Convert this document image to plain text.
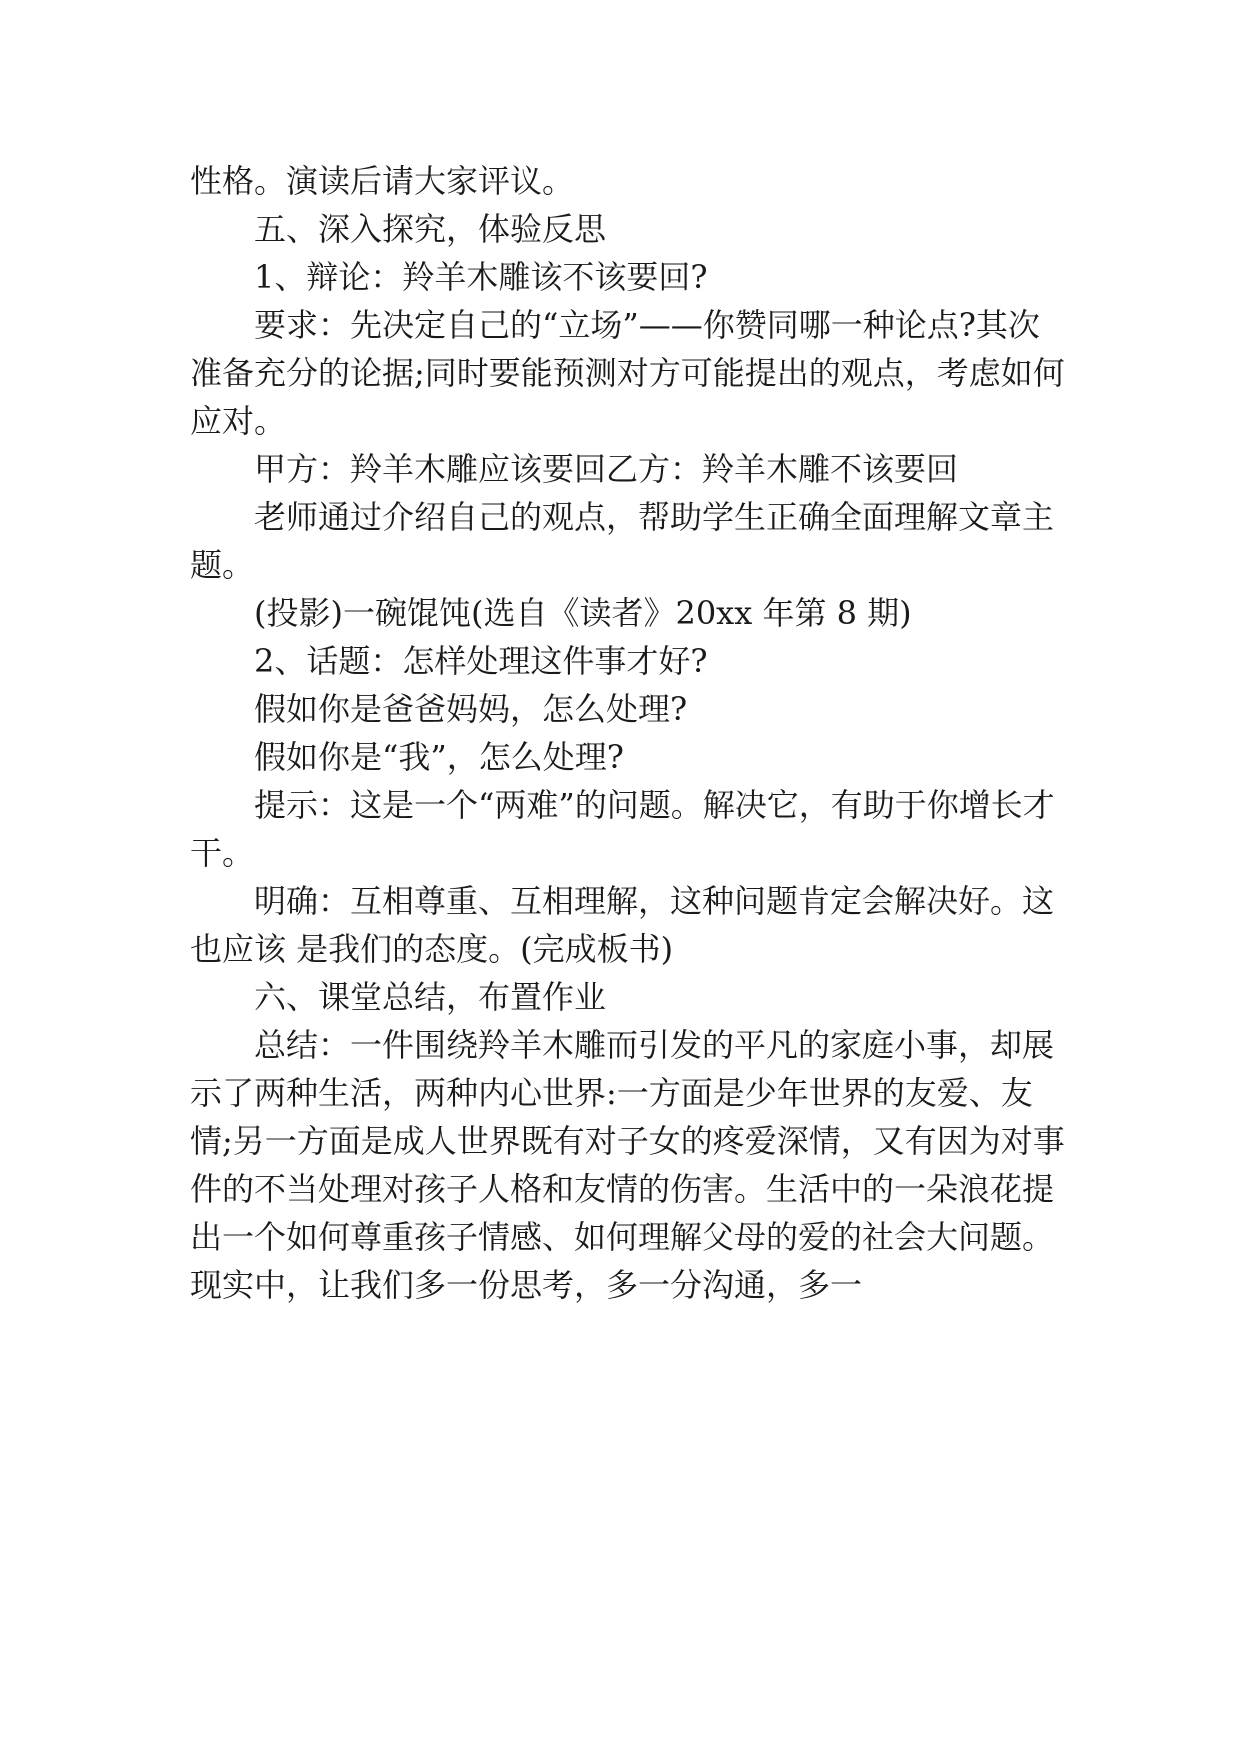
性格。演读后请大家评议。

五、深入探究，体验反思

1、辩论：羚羊木雕该不该要回?

要求：先决定自己的“立场”——你赞同哪一种论点?其次准备充分的论据;同时要能预测对方可能提出的观点，考虑如何应对。

甲方：羚羊木雕应该要回乙方：羚羊木雕不该要回

老师通过介绍自己的观点，帮助学生正确全面理解文章主题。

(投影)一碗馄饨(选自《读者》20xx 年第 8 期)

2、话题：怎样处理这件事才好?

假如你是爸爸妈妈，怎么处理?

假如你是“我”，怎么处理?

提示：这是一个“两难”的问题。解决它，有助于你增长才干。

明确：互相尊重、互相理解，这种问题肯定会解决好。这也应该 是我们的态度。(完成板书)

六、课堂总结，布置作业

总结：一件围绕羚羊木雕而引发的平凡的家庭小事，却展示了两种生活，两种内心世界:一方面是少年世界的友爱、友情;另一方面是成人世界既有对子女的疼爱深情，又有因为对事件的不当处理对孩子人格和友情的伤害。生活中的一朵浪花提出一个如何尊重孩子情感、如何理解父母的爱的社会大问题。现实中，让我们多一份思考，多一分沟通，多一
